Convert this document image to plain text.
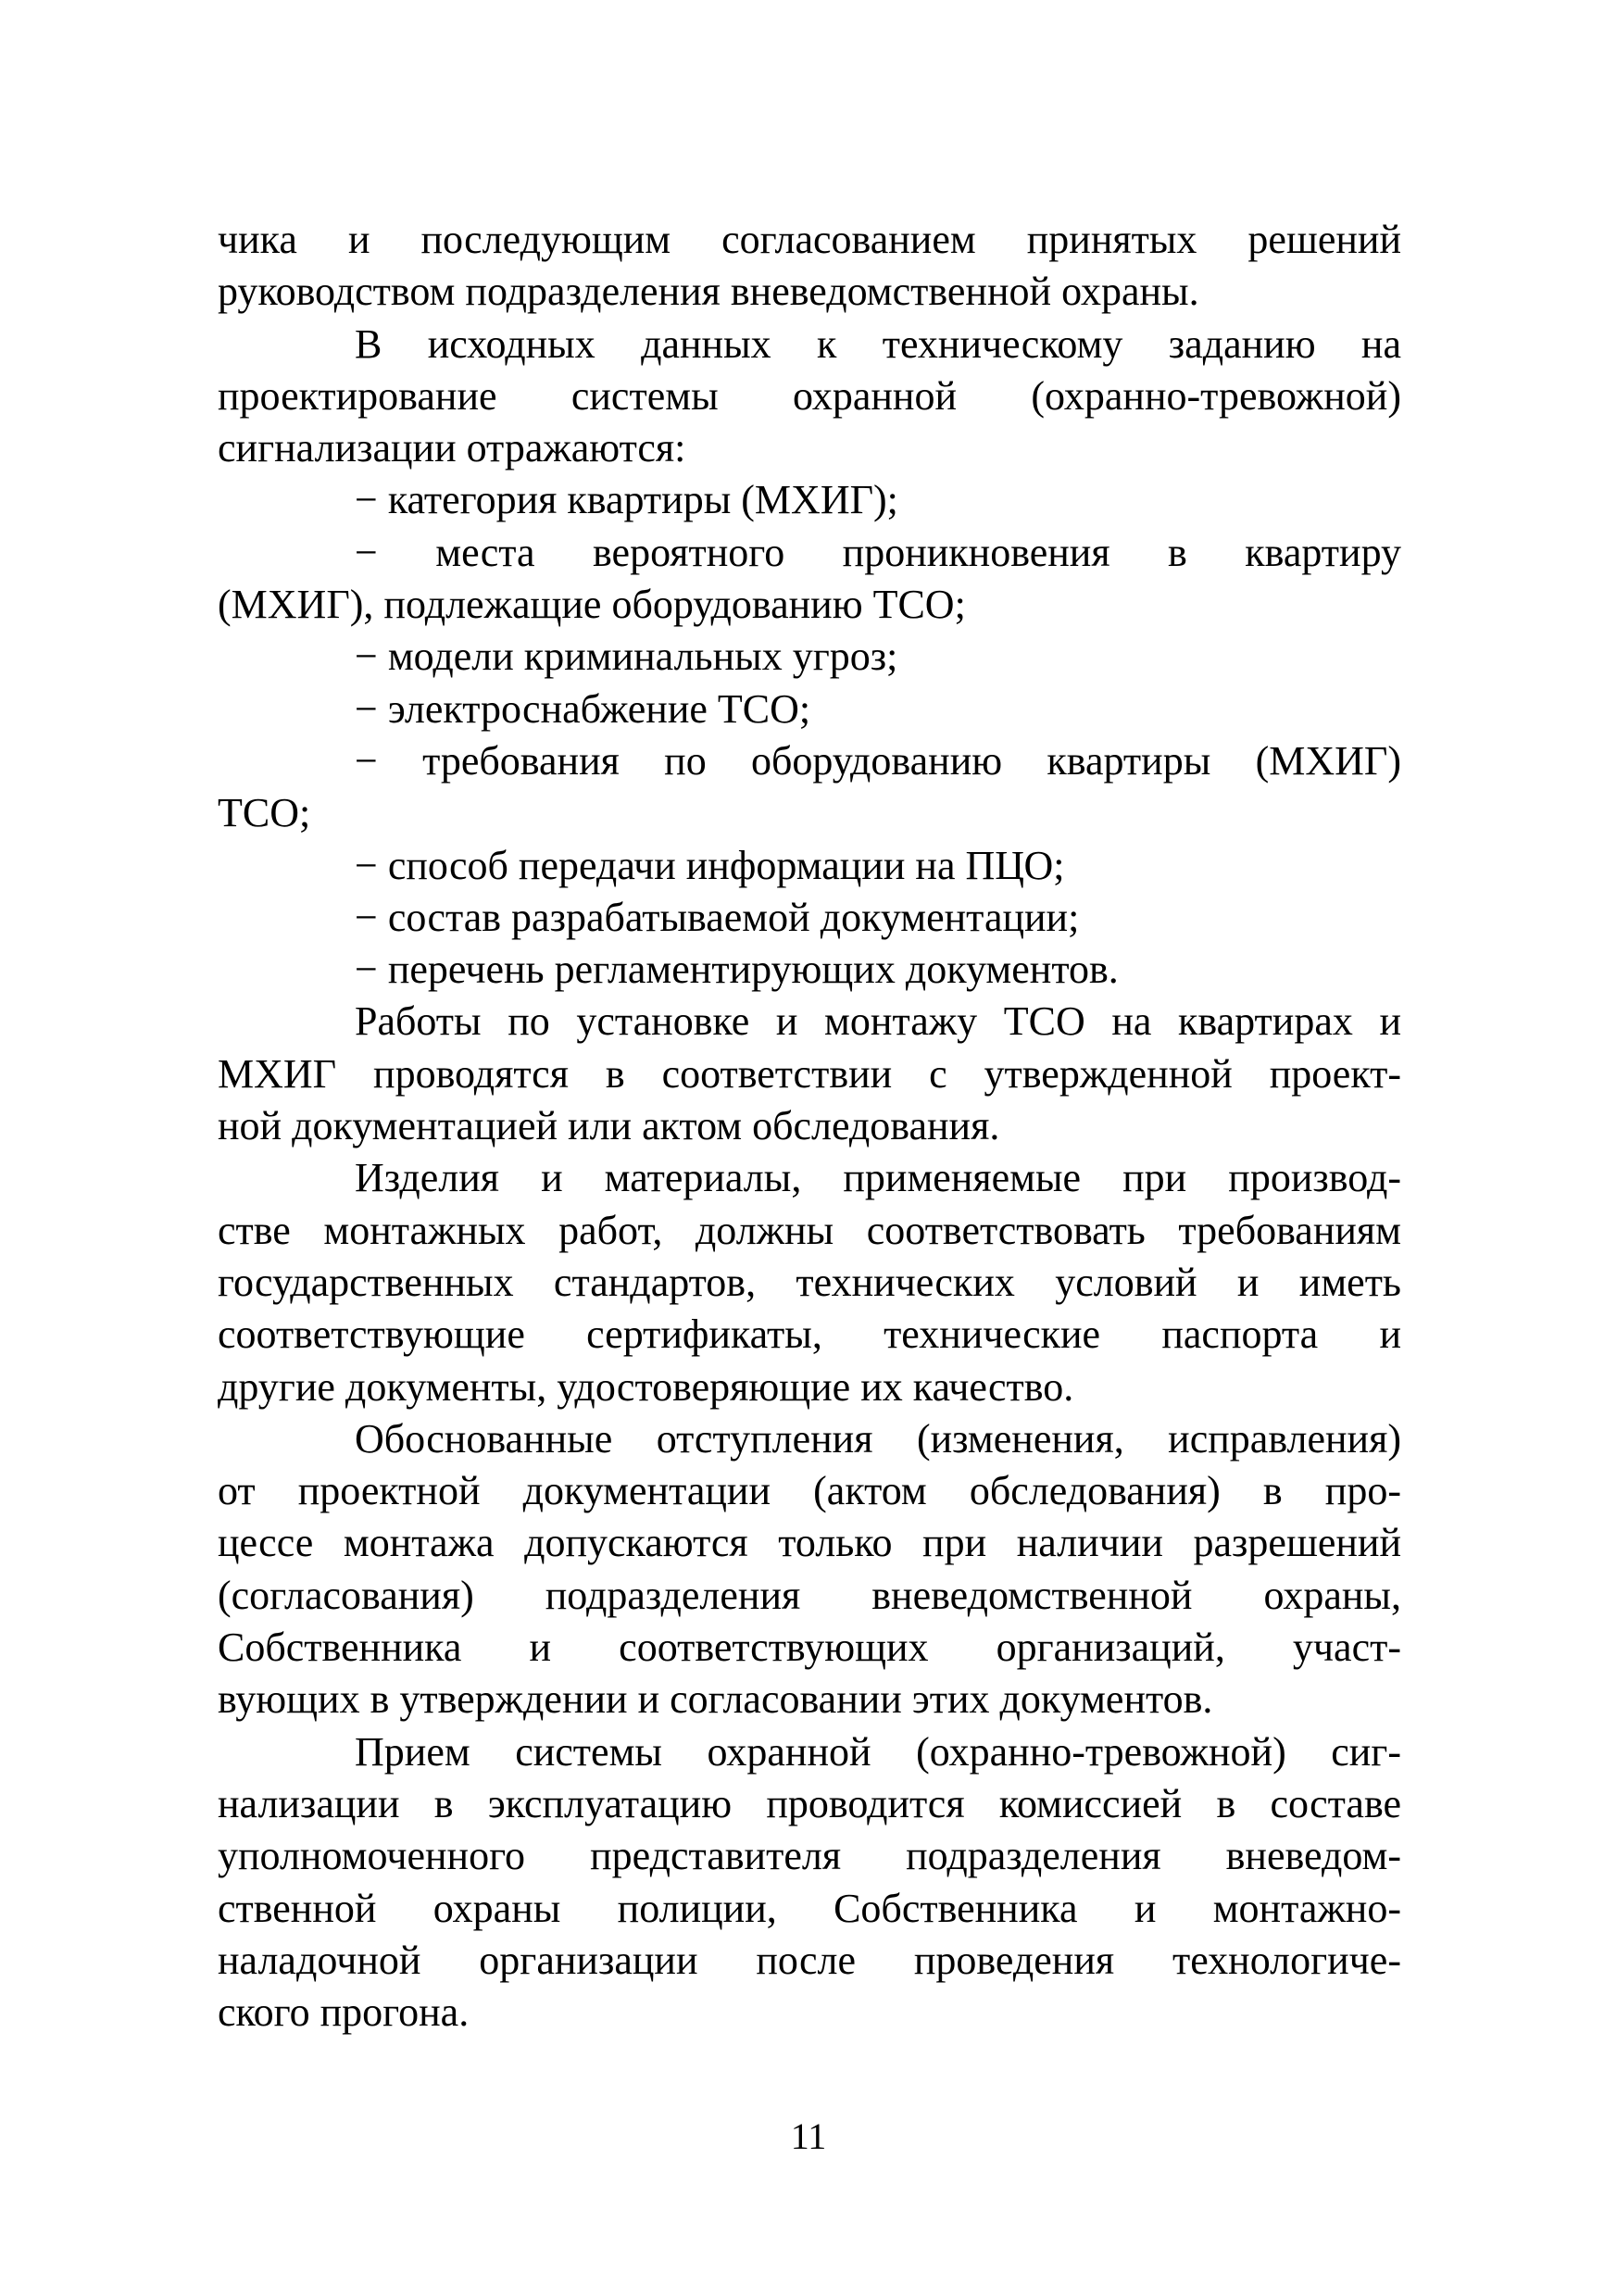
чика и последующим согласованием принятых решений
руководством подразделения вневедомственной охраны.
В исходных данных к техническому заданию на
проектирование системы охранной (охранно-тревожной)
сигнализации отражаются:
− категория квартиры (МХИГ);
− места вероятного проникновения в квартиру
(МХИГ), подлежащие оборудованию ТСО;
− модели криминальных угроз;
− электроснабжение ТСО;
− требования по оборудованию квартиры (МХИГ)
ТСО;
− способ передачи информации на ПЦО;
− состав разрабатываемой документации;
− перечень регламентирующих документов.
Работы по установке и монтажу ТСО на квартирах и
МХИГ проводятся в соответствии с утвержденной проект-
ной документацией или актом обследования.
Изделия и материалы, применяемые при производ-
стве монтажных работ, должны соответствовать требованиям
государственных стандартов, технических условий и иметь
соответствующие сертификаты, технические паспорта и
другие документы, удостоверяющие их качество.
Обоснованные отступления (изменения, исправления)
от проектной документации (актом обследования) в про-
цессе монтажа допускаются только при наличии разрешений
(согласования) подразделения вневедомственной охраны,
Собственника и соответствующих организаций, участ-
вующих в утверждении и согласовании этих документов.
Прием системы охранной (охранно-тревожной) сиг-
нализации в эксплуатацию проводится комиссией в составе
уполномоченного представителя подразделения вневедом-
ственной охраны полиции, Собственника и монтажно-
наладочной организации после проведения технологиче-
ского прогона.
11
